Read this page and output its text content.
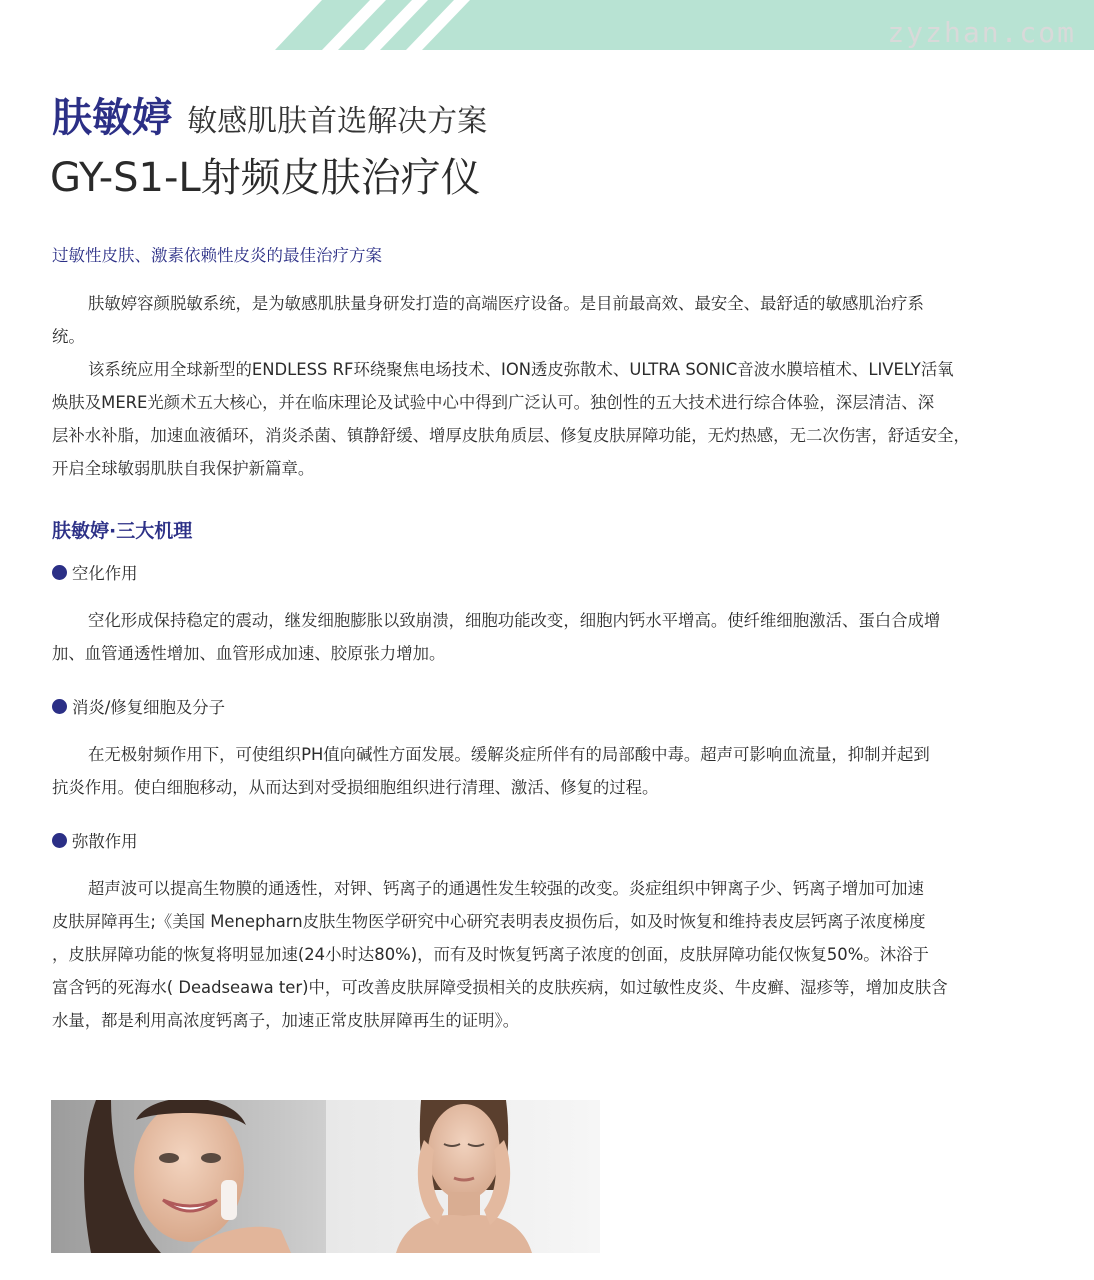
zyzhan.com
肤敏婷 敏感肌肤首选解决方案
GY-S1-L射频皮肤治疗仪
过敏性皮肤、激素依赖性皮炎的最佳治疗方案
肤敏婷容颜脱敏系统，是为敏感肌肤量身研发打造的高端医疗设备。是目前最高效、最安全、最舒适的敏感肌治疗系
统。
该系统应用全球新型的ENDLESS RF环绕聚焦电场技术、ION透皮弥散术、ULTRA SONIC音波水膜培植术、LIVELY活氧
焕肤及MERE光颜术五大核心，并在临床理论及试验中心中得到广泛认可。独创性的五大技术进行综合体验，深层清洁、深
层补水补脂，加速血液循环，消炎杀菌、镇静舒缓、增厚皮肤角质层、修复皮肤屏障功能，无灼热感，无二次伤害，舒适安全，
开启全球敏弱肌肤自我保护新篇章。
肤敏婷·三大机理
空化作用
空化形成保持稳定的震动，继发细胞膨胀以致崩溃，细胞功能改变，细胞内钙水平增高。使纤维细胞激活、蛋白合成增
加、血管通透性增加、血管形成加速、胶原张力增加。
消炎/修复细胞及分子
在无极射频作用下，可使组织PH值向碱性方面发展。缓解炎症所伴有的局部酸中毒。超声可影响血流量，抑制并起到
抗炎作用。使白细胞移动，从而达到对受损细胞组织进行清理、激活、修复的过程。
弥散作用
超声波可以提高生物膜的通透性，对钾、钙离子的通遇性发生较强的改变。炎症组织中钾离子少、钙离子增加可加速
皮肤屏障再生;《美国 Menepharn皮肤生物医学研究中心研究表明表皮损伤后，如及时恢复和维持表皮层钙离子浓度梯度
，皮肤屏障功能的恢复将明显加速(24小时达80%)，而有及时恢复钙离子浓度的创面，皮肤屏障功能仅恢复50%。沐浴于
富含钙的死海水( Deadseawa ter)中，可改善皮肤屏障受损相关的皮肤疾病，如过敏性皮炎、牛皮癣、湿疹等，增加皮肤含
水量，都是利用高浓度钙离子，加速正常皮肤屏障再生的证明》。
